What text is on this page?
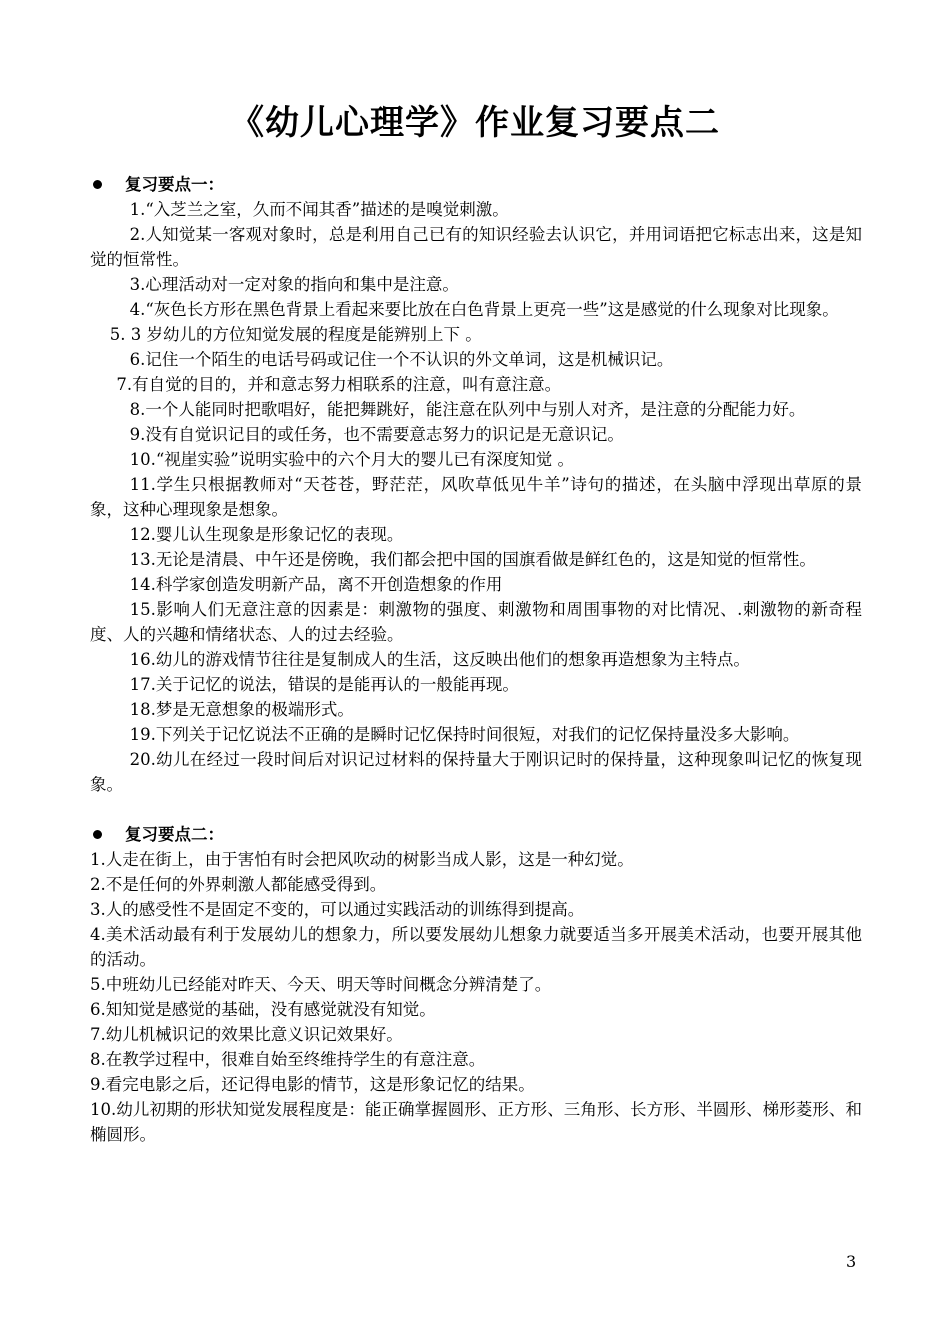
《幼儿心理学》作业复习要点二
复习要点一：

1.“入芝兰之室，久而不闻其香”描述的是嗅觉刺激。

2.人知觉某一客观对象时，总是利用自己已有的知识经验去认识它，并用词语把它标志出来，这是知觉的恒常性。

3.心理活动对一定对象的指向和集中是注意。

4.“灰色长方形在黑色背景上看起来要比放在白色背景上更亮一些”这是感觉的什么现象对比现象。

5. 3 岁幼儿的方位知觉发展的程度是能辨别上下 。

6.记住一个陌生的电话号码或记住一个不认识的外文单词，这是机械识记。

7.有自觉的目的，并和意志努力相联系的注意，叫有意注意。

8.一个人能同时把歌唱好，能把舞跳好，能注意在队列中与别人对齐，是注意的分配能力好。

9.没有自觉识记目的或任务，也不需要意志努力的识记是无意识记。

10.“视崖实验”说明实验中的六个月大的婴儿已有深度知觉 。

11.学生只根据教师对“天苍苍，野茫茫，风吹草低见牛羊”诗句的描述，在头脑中浮现出草原的景象，这种心理现象是想象。

12.婴儿认生现象是形象记忆的表现。

13.无论是清晨、中午还是傍晚，我们都会把中国的国旗看做是鲜红色的，这是知觉的恒常性。

14.科学家创造发明新产品，离不开创造想象的作用

15.影响人们无意注意的因素是：刺激物的强度、刺激物和周围事物的对比情况、.刺激物的新奇程度、人的兴趣和情绪状态、人的过去经验。

16.幼儿的游戏情节往往是复制成人的生活，这反映出他们的想象再造想象为主特点。

17.关于记忆的说法，错误的是能再认的一般能再现。

18.梦是无意想象的极端形式。

19.下列关于记忆说法不正确的是瞬时记忆保持时间很短，对我们的记忆保持量没多大影响。

20.幼儿在经过一段时间后对识记过材料的保持量大于刚识记时的保持量，这种现象叫记忆的恢复现象。

复习要点二：

1.人走在街上，由于害怕有时会把风吹动的树影当成人影，这是一种幻觉。

2.不是任何的外界刺激人都能感受得到。

3.人的感受性不是固定不变的，可以通过实践活动的训练得到提高。

4.美术活动最有利于发展幼儿的想象力，所以要发展幼儿想象力就要适当多开展美术活动，也要开展其他的活动。

5.中班幼儿已经能对昨天、今天、明天等时间概念分辨清楚了。

6.知知觉是感觉的基础，没有感觉就没有知觉。

7.幼儿机械识记的效果比意义识记效果好。

8.在教学过程中，很难自始至终维持学生的有意注意。

9.看完电影之后，还记得电影的情节，这是形象记忆的结果。

10.幼儿初期的形状知觉发展程度是：能正确掌握圆形、正方形、三角形、长方形、半圆形、梯形菱形、和椭圆形。

3
